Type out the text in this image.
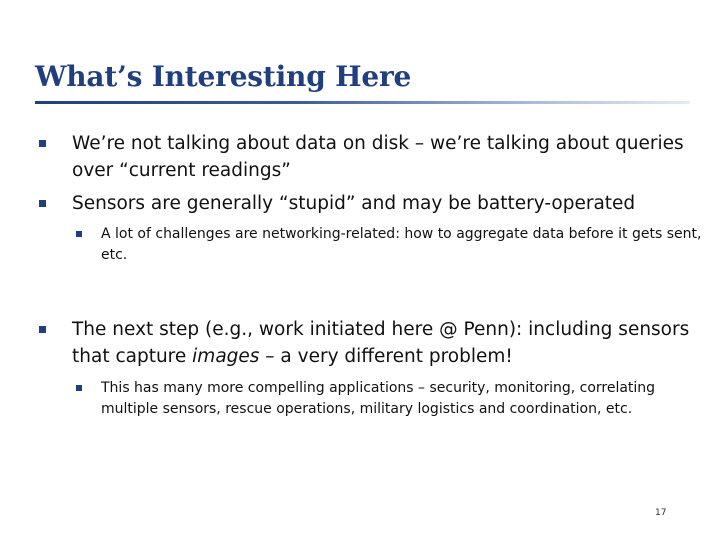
What’s Interesting Here

We’re not talking about data on disk – we’re talking about queries over “current readings”

Sensors are generally “stupid” and may be battery-operated

A lot of challenges are networking-related: how to aggregate data before it gets sent, etc.

The next step (e.g., work initiated here @ Penn): including sensors that capture images – a very different problem!

This has many more compelling applications – security, monitoring, correlating multiple sensors, rescue operations, military logistics and coordination, etc.

17
